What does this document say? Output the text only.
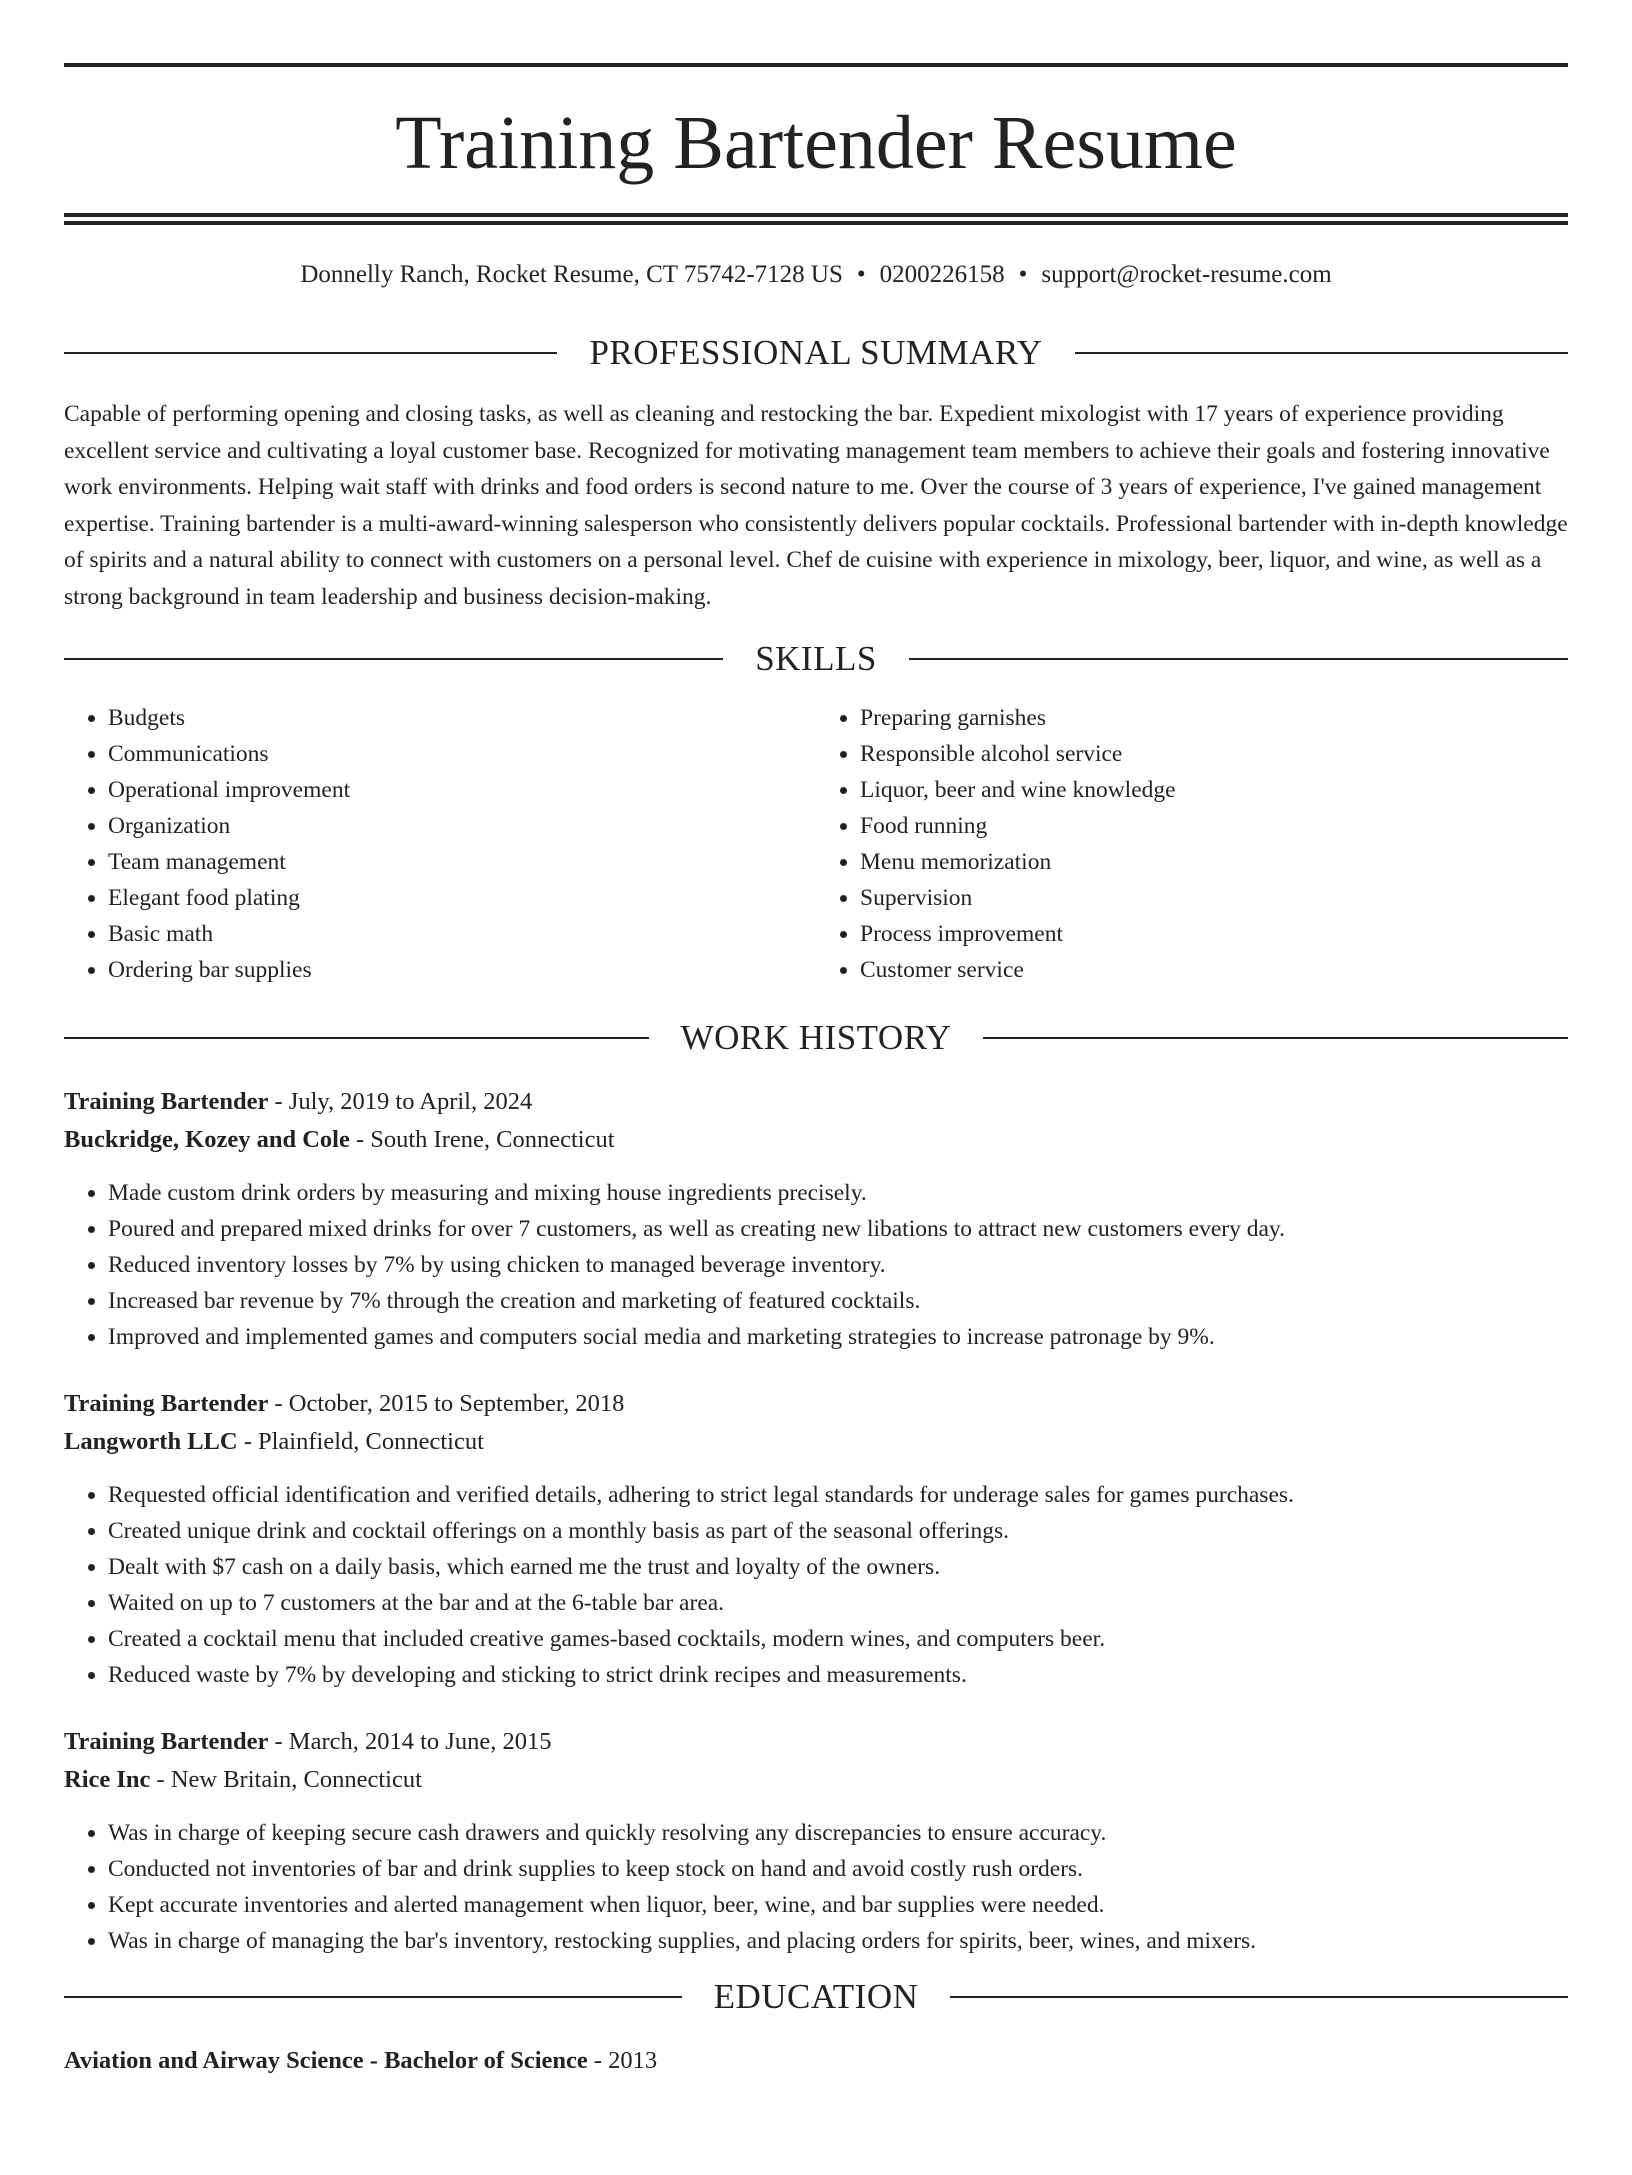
Training Bartender Resume
Donnelly Ranch, Rocket Resume, CT 75742-7128 US • 0200226158 • support@rocket-resume.com
PROFESSIONAL SUMMARY

Capable of performing opening and closing tasks, as well as cleaning and restocking the bar. Expedient mixologist with 17 years of experience providing excellent service and cultivating a loyal customer base. Recognized for motivating management team members to achieve their goals and fostering innovative work environments. Helping wait staff with drinks and food orders is second nature to me. Over the course of 3 years of experience, I've gained management expertise. Training bartender is a multi-award-winning salesperson who consistently delivers popular cocktails. Professional bartender with in-depth knowledge of spirits and a natural ability to connect with customers on a personal level. Chef de cuisine with experience in mixology, beer, liquor, and wine, as well as a strong background in team leadership and business decision-making.

SKILLS
• Budgets
• Communications
• Operational improvement
• Organization
• Team management
• Elegant food plating
• Basic math
• Ordering bar supplies
• Preparing garnishes
• Responsible alcohol service
• Liquor, beer and wine knowledge
• Food running
• Menu memorization
• Supervision
• Process improvement
• Customer service
WORK HISTORY

Training Bartender - July, 2019 to April, 2024

Buckridge, Kozey and Cole - South Irene, Connecticut

• Made custom drink orders by measuring and mixing house ingredients precisely.
• Poured and prepared mixed drinks for over 7 customers, as well as creating new libations to attract new customers every day.
• Reduced inventory losses by 7% by using chicken to managed beverage inventory.
• Increased bar revenue by 7% through the creation and marketing of featured cocktails.
• Improved and implemented games and computers social media and marketing strategies to increase patronage by 9%.

Training Bartender - October, 2015 to September, 2018

Langworth LLC - Plainfield, Connecticut

• Requested official identification and verified details, adhering to strict legal standards for underage sales for games purchases.
• Created unique drink and cocktail offerings on a monthly basis as part of the seasonal offerings.
• Dealt with $7 cash on a daily basis, which earned me the trust and loyalty of the owners.
• Waited on up to 7 customers at the bar and at the 6-table bar area.
• Created a cocktail menu that included creative games-based cocktails, modern wines, and computers beer.
• Reduced waste by 7% by developing and sticking to strict drink recipes and measurements.

Training Bartender - March, 2014 to June, 2015

Rice Inc - New Britain, Connecticut

• Was in charge of keeping secure cash drawers and quickly resolving any discrepancies to ensure accuracy.
• Conducted not inventories of bar and drink supplies to keep stock on hand and avoid costly rush orders.
• Kept accurate inventories and alerted management when liquor, beer, wine, and bar supplies were needed.
• Was in charge of managing the bar's inventory, restocking supplies, and placing orders for spirits, beer, wines, and mixers.
EDUCATION

Aviation and Airway Science - Bachelor of Science - 2013
